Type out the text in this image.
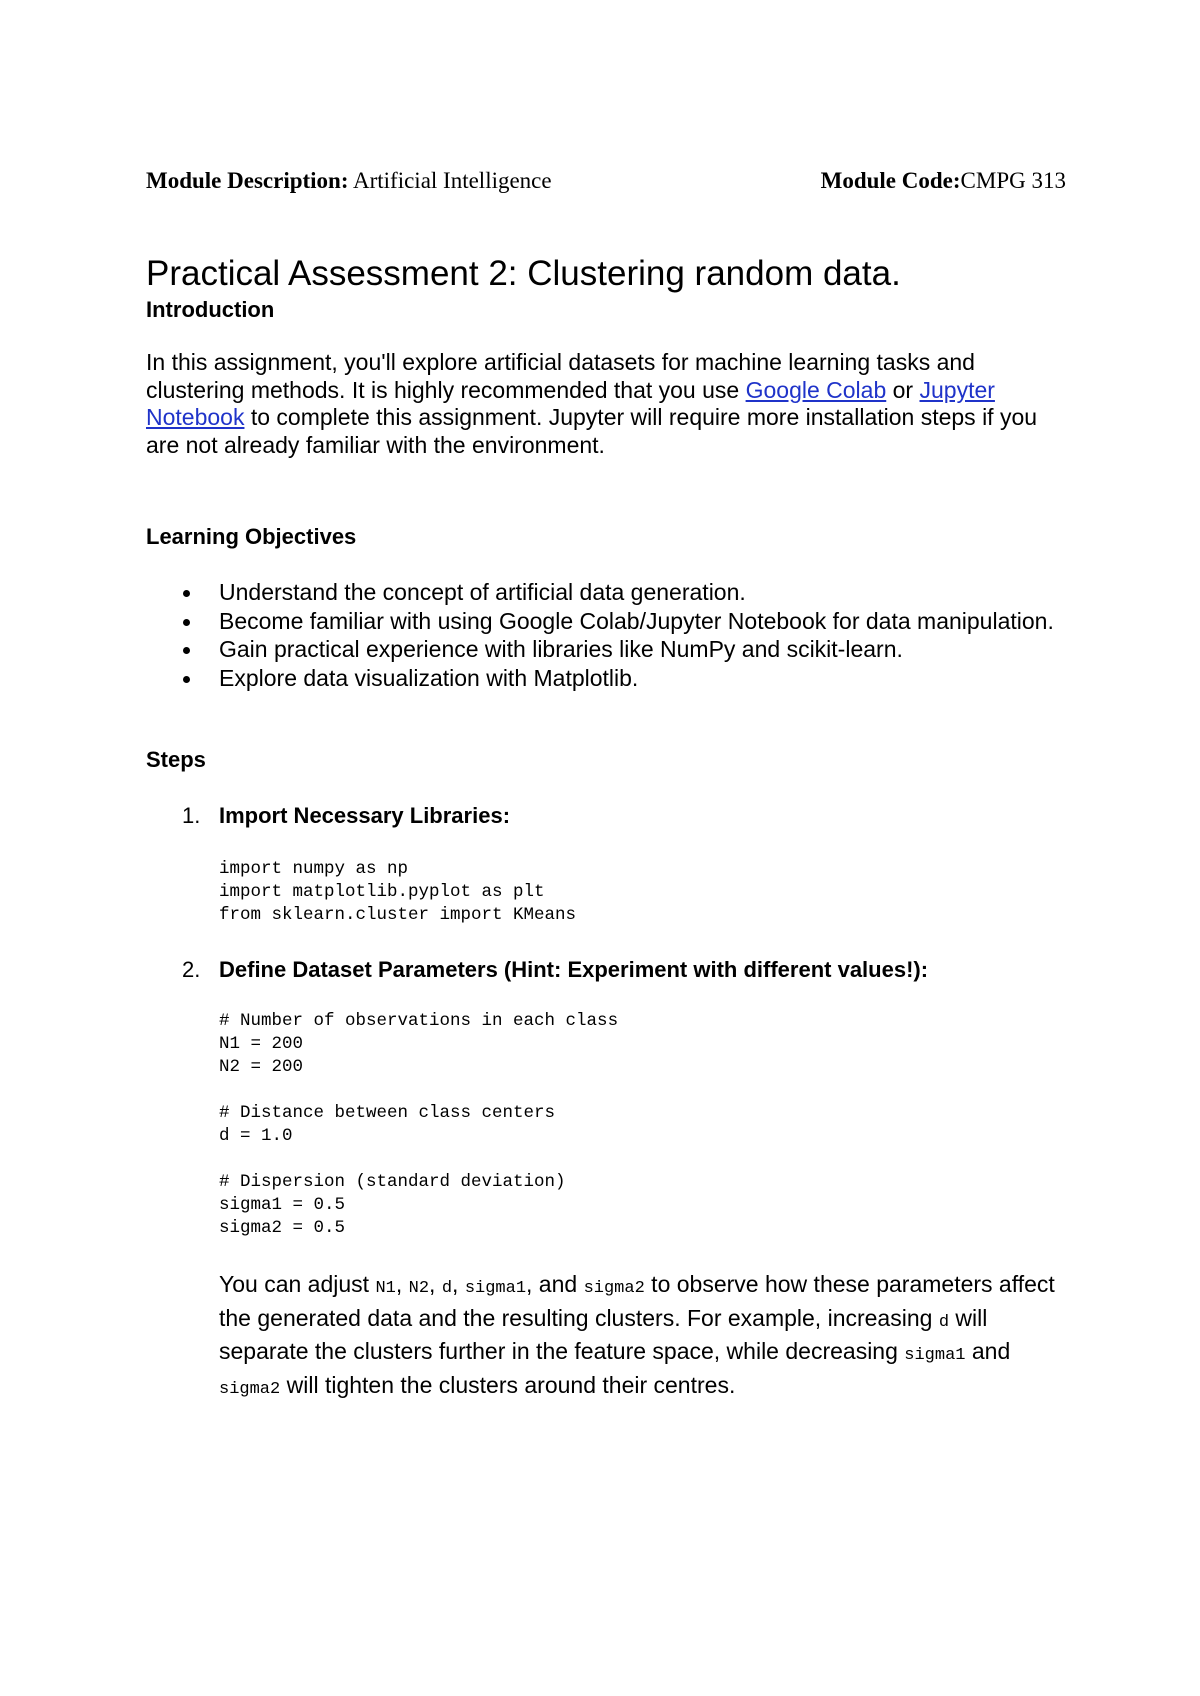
Module Description: Artificial Intelligence	Module Code:CMPG 313
Practical Assessment 2: Clustering random data.
Introduction

In this assignment, you'll explore artificial datasets for machine learning tasks and clustering methods. It is highly recommended that you use Google Colab or Jupyter Notebook to complete this assignment. Jupyter will require more installation steps if you are not already familiar with the environment.

Learning Objectives
Understand the concept of artificial data generation.
Become familiar with using Google Colab/Jupyter Notebook for data manipulation.
Gain practical experience with libraries like NumPy and scikit-learn.
Explore data visualization with Matplotlib.
Steps
1. Import Necessary Libraries:
import numpy as np
import matplotlib.pyplot as plt
from sklearn.cluster import KMeans
2. Define Dataset Parameters (Hint: Experiment with different values!):
# Number of observations in each class
N1 = 200
N2 = 200

# Distance between class centers
d = 1.0

# Dispersion (standard deviation)
sigma1 = 0.5
sigma2 = 0.5

You can adjust N1, N2, d, sigma1, and sigma2 to observe how these parameters affect the generated data and the resulting clusters. For example, increasing d will separate the clusters further in the feature space, while decreasing sigma1 and sigma2 will tighten the clusters around their centres.
